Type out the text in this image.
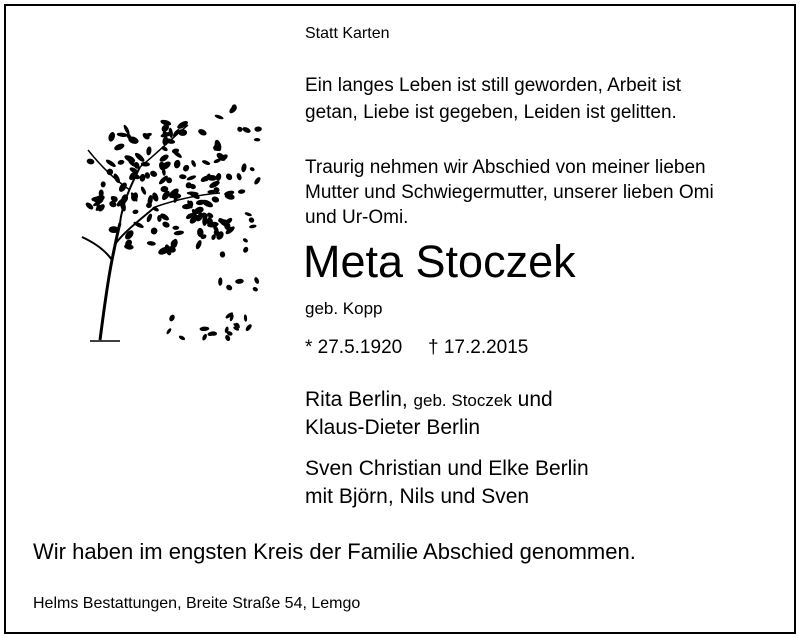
Statt Karten
Ein langes Leben ist still geworden, Arbeit ist
getan, Liebe ist gegeben, Leiden ist gelitten.
Traurig nehmen wir Abschied von meiner lieben
Mutter und Schwiegermutter, unserer lieben Omi
und Ur-Omi.
Meta Stoczek
geb. Kopp
* 27.5.1920 † 17.2.2015
Rita Berlin, geb. Stoczek und
Klaus-Dieter Berlin
Sven Christian und Elke Berlin
mit Björn, Nils und Sven
Wir haben im engsten Kreis der Familie Abschied genommen.
Helms Bestattungen, Breite Straße 54, Lemgo
